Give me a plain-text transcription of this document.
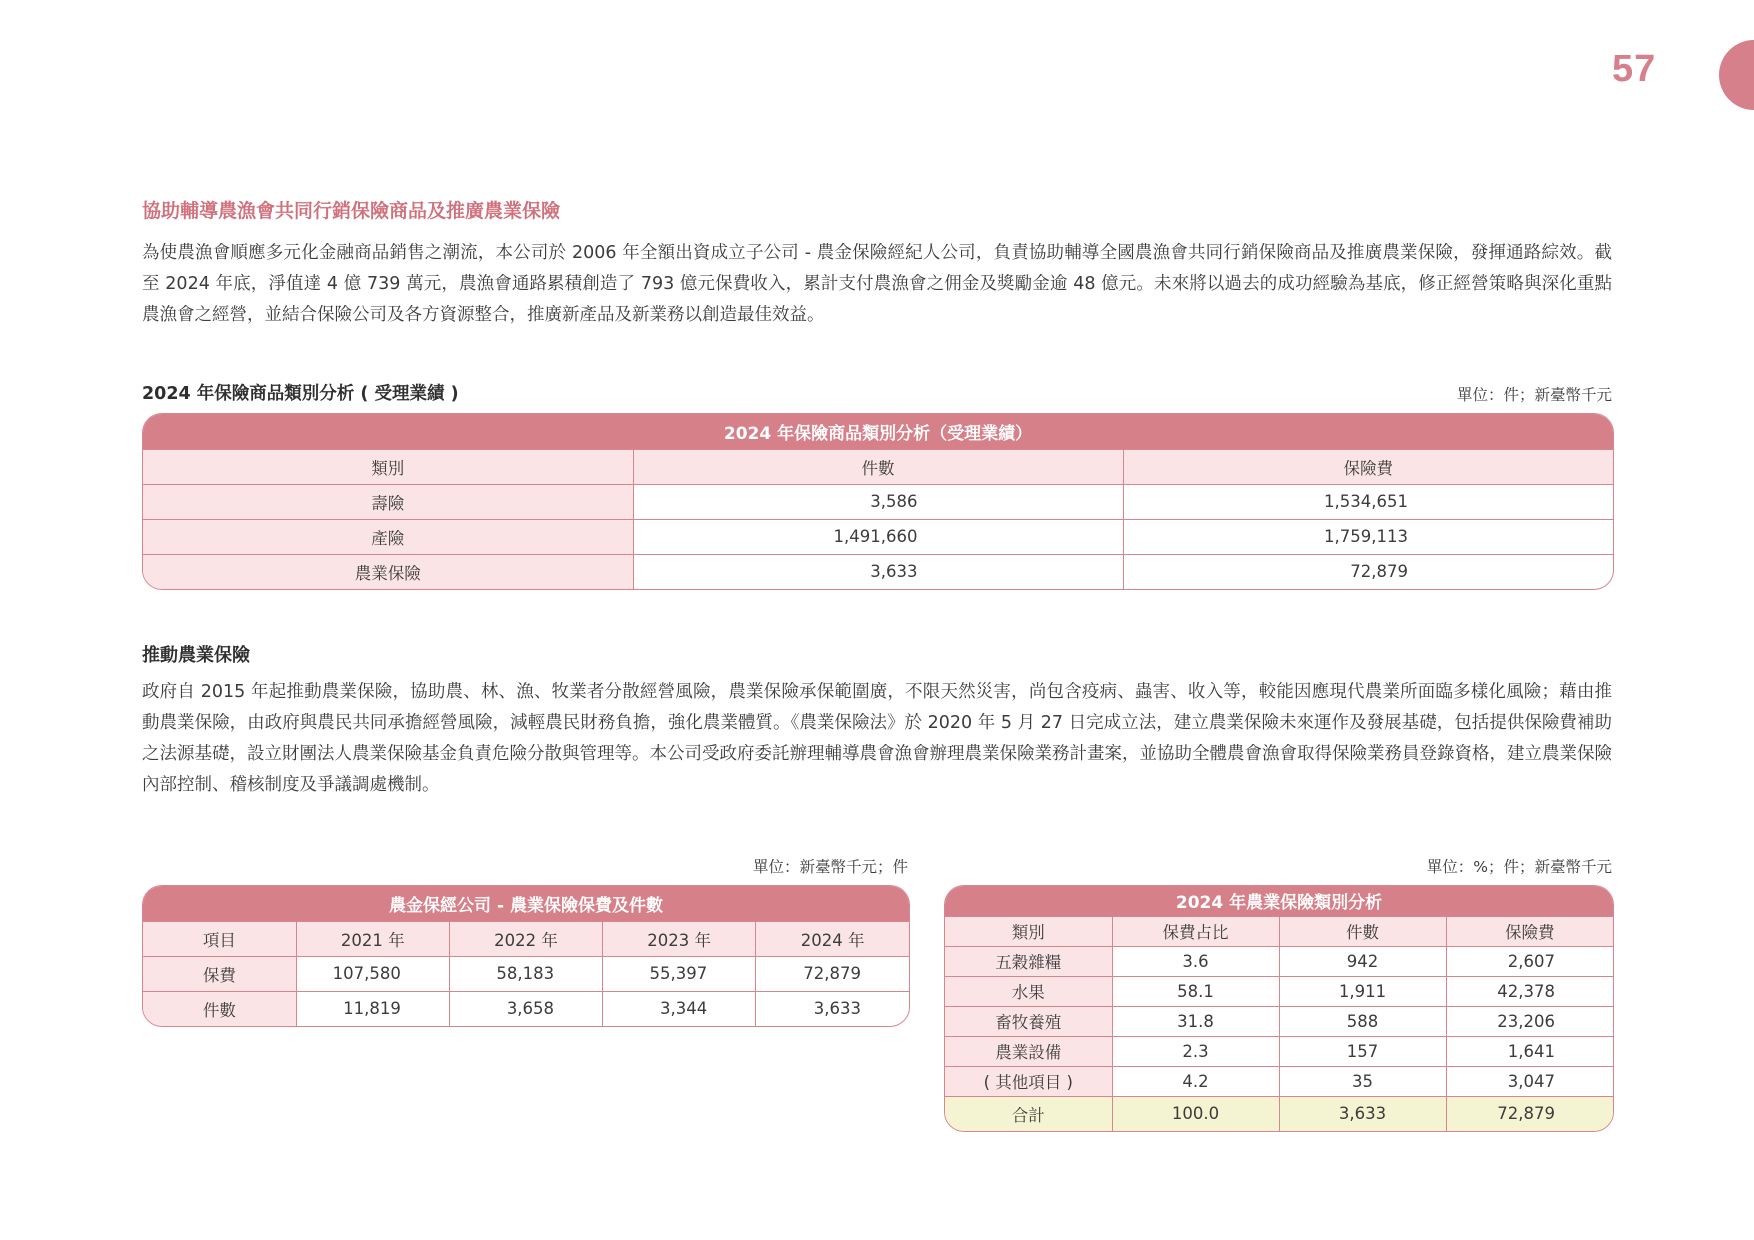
57
協助輔導農漁會共同行銷保險商品及推廣農業保險

為使農漁會順應多元化金融商品銷售之潮流，本公司於 2006 年全額出資成立子公司 - 農金保險經紀人公司，負責協助輔導全國農漁會共同行銷保險商品及推廣農業保險，發揮通路綜效。截至 2024 年底，淨值達 4 億 739 萬元，農漁會通路累積創造了 793 億元保費收入，累計支付農漁會之佣金及獎勵金逾 48 億元。未來將以過去的成功經驗為基底，修正經營策略與深化重點農漁會之經營，並結合保險公司及各方資源整合，推廣新產品及新業務以創造最佳效益。

2024 年保險商品類別分析 ( 受理業績 )	單位：件；新臺幣千元
2024 年保險商品類別分析（受理業績）		
類別	件數	保險費
壽險	3,586	1,534,651
產險	1,491,660	1,759,113
農業保險	3,633	72,879
推動農業保險

政府自 2015 年起推動農業保險，協助農、林、漁、牧業者分散經營風險，農業保險承保範圍廣，不限天然災害，尚包含疫病、蟲害、收入等，較能因應現代農業所面臨多樣化風險；藉由推動農業保險，由政府與農民共同承擔經營風險，減輕農民財務負擔，強化農業體質。《農業保險法》於 2020 年 5 月 27 日完成立法，建立農業保險未來運作及發展基礎，包括提供保險費補助之法源基礎，設立財團法人農業保險基金負責危險分散與管理等。本公司受政府委託辦理輔導農會漁會辦理農業保險業務計畫案，並協助全體農會漁會取得保險業務員登錄資格，建立農業保險內部控制、稽核制度及爭議調處機制。

單位：新臺幣千元；件
農金保經公司 - 農業保險保費及件數				
項目	2021 年	2022 年	2023 年	2024 年
保費	107,580	58,183	55,397	72,879
件數	11,819	3,658	3,344	3,633
單位：%；件；新臺幣千元
2024 年農業保險類別分析			
類別	保費占比	件數	保險費
五穀雜糧	3.6	942	2,607
水果	58.1	1,911	42,378
畜牧養殖	31.8	588	23,206
農業設備	2.3	157	1,641
( 其他項目 )	4.2	35	3,047
合計	100.0	3,633	72,879
